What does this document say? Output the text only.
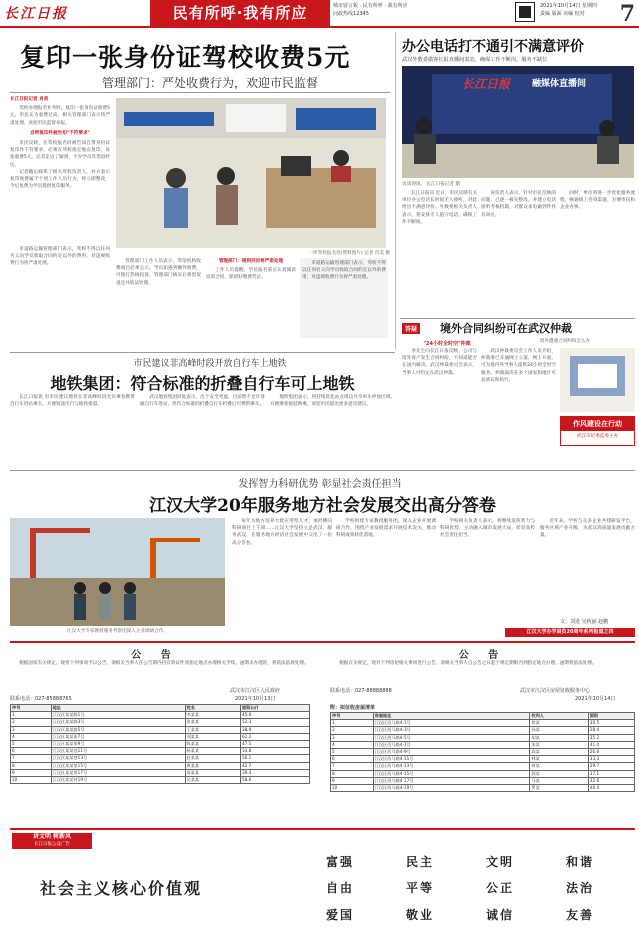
长江日报	民有所呼·我有所应	城市留言板 · 民有所呼 · 我有所应
问政热线12345
2021年10月14日 星期四
责编 版面 美编 校对	7
复印一张身份证驾校收费5元
管理部门：严处收费行为，欢迎市民监督
长江日报记者 肖美

驾校办理报名业务时，复印一张身份证收费5元，市民认为收费过高，相关管理部门表示将严肃处理，欢迎市民监督举报。

自带复印件被告知"不符要求"

市民反映，在驾校报名时被告知自带身份证复印件不符要求，必须在驾校指定地点复印，每张收费5元。记者走访了解到，不少学员有类似经历。

记者随后联系了相关驾校负责人，对方表示复印收费属于个别工作人员行为，将立即整改，今后免费为学员提供复印服务。

市道路运输管理部门表示，驾校不得以任何名义向学员收取合同约定以外的费用，对违规收费行为将严肃处理。

一所驾校报名处(资料图片) 记者 肖美 摄

管理部门工作人员表示，驾培机构收费项目必须公示，学员如遇到额外收费，可拨打热线投诉，管理部门核实后将督促退还并依法处理。

管理部门：接到投诉将严肃处理

工作人员提醒，学员报名前应认真阅读培训合同，保留好缴费凭证。

市道路运输管理部门表示，驾校不得以任何名义向学员收取合同约定以外的费用，对违规收费行为将严肃处理。

办公电话打不通引不满意评价
武汉外数委做客长报直播间表态，确保工作不断岗，服务不缺位
长江日报 融媒体直播间
访谈现场。 长江日报记者 摄

长江日报讯 近日，市民反映有关单位办公电话长时间无人接听，对此给出不满意评价。外数委相关负责人表示，将安排专人值守电话，确保工作不断岗。

该负责人表示，针对市民反映的问题，已逐一核实整改，并建立电话接听考核机制，对群众来电做到件件有回应。

同时，单位将进一步优化服务流程，畅通线上咨询渠道，方便市民和企业办事。

答疑 境外合同纠纷可在武汉仲裁
"24小时全时空"仲裁	境外遭遇合同纠纷怎么办

李先生向长江日报反映，公司与境外客户发生合同纠纷，不知道能否在国内解决。武汉仲裁委员会表示，当事人可约定在武汉仲裁。

武汉仲裁委员会工作人员介绍，仲裁委已开通网上立案、网上开庭，可为境内外当事人提供24小时全时空服务，仲裁裁决在多个国家和地区可获承认和执行。

作风建设在行动
武汉市纪委监委主办
市民建议非高峰时段开放自行车上地铁
地铁集团：符合标准的折叠自行车可上地铁

长江日报讯 有市民建议地铁在非高峰时段允许乘客携带自行车进站乘车，方便短途出行与地铁接驳。

武汉地铁集团回复表示，出于安全考虑，目前暂不允许普通自行车进站，但符合标准的折叠自行车折叠后可携带乘车。

地铁集团表示，将持续优化站点周边共享单车停放区域，方便乘客接驳换乘，欢迎市民提出更多意见建议。

发挥智力科研优势 彰显社会责任担当
江汉大学20年服务地方社会发展交出高分答卷
江汉大学专家教授服务考察团深入企业调研合作。

每年为地方培养大批应用型人才，承担横向科研项目上千项……江汉大学坚持立足武汉、服务武汉，在服务地方经济社会发展中交出了一份高分答卷。

学校组建专家教授服务团，深入企业开展调研合作，围绕产业发展需求开展技术攻关，推动科研成果转化落地。

学校相关负责人表示，将继续发挥智力与科研优势，主动融入城市发展大局，彰显高校社会责任担当。

近年来，学校与众多企业共建研发平台，服务区域产业升级，为武汉高质量发展贡献力量。

文：刘进 吴秋丽 赵鹏
江汉大学办学肩负20周年系列报道之四
公 告	公 告

根据国家有关规定，现将下列事项予以公告，请相关当事人在公告期内持有效证件到指定地点办理相关手续。逾期未办理的，将依法依规处理。

武汉市江汉区人民政府
2021年10月13日
联系电话：027-85888765

根据有关规定，现对下列房屋相关事项进行公告，请相关当事人自公告之日起于规定期限内到指定地点办理，逾期将依法处理。

联系电话：027-88888888	武汉市江汉区房屋征收服务中心
2021年10月14日
序号	地址	姓名	面积(㎡)
1	江汉区某某路1号	李某某	45.6
2	江汉区某某路3号	张某某	52.3
3	江汉区某某路5号	王某某	38.9
4	江汉区某某街7号	刘某某	61.2
5	江汉区某某街9号	陈某某	47.5
6	江汉区某某巷11号	杨某某	33.8
7	江汉区某某巷13号	赵某某	56.1
8	江汉区某某里15号	黄某某	42.7
9	江汉区某某里17号	周某某	39.4
10	江汉区某某村19号	吴某某	58.6
附：拟征收房屋清单
序号	房屋地址	权利人	面积
1	江汉区西马路4-1号	徐某	30.5
2	江汉区西马路4-3号	孙某	28.4
3	江汉区西马路4-5号	胡某	35.2
4	江汉区西马路4-7号	朱某	41.0
5	江汉区西马路4-9号	高某	26.8
6	江汉区西马路4-11号	林某	33.3
7	江汉区西马路4-13号	何某	29.7
8	江汉区西马路4-15号	郭某	37.1
9	江汉区西马路4-17号	马某	32.6
10	江汉区西马路4-19号	罗某	40.4
讲文明 树新风
长江日报公益广告
社会主义核心价值观
富强	民主	文明	和谐
自由	平等	公正	法治
爱国	敬业	诚信	友善
